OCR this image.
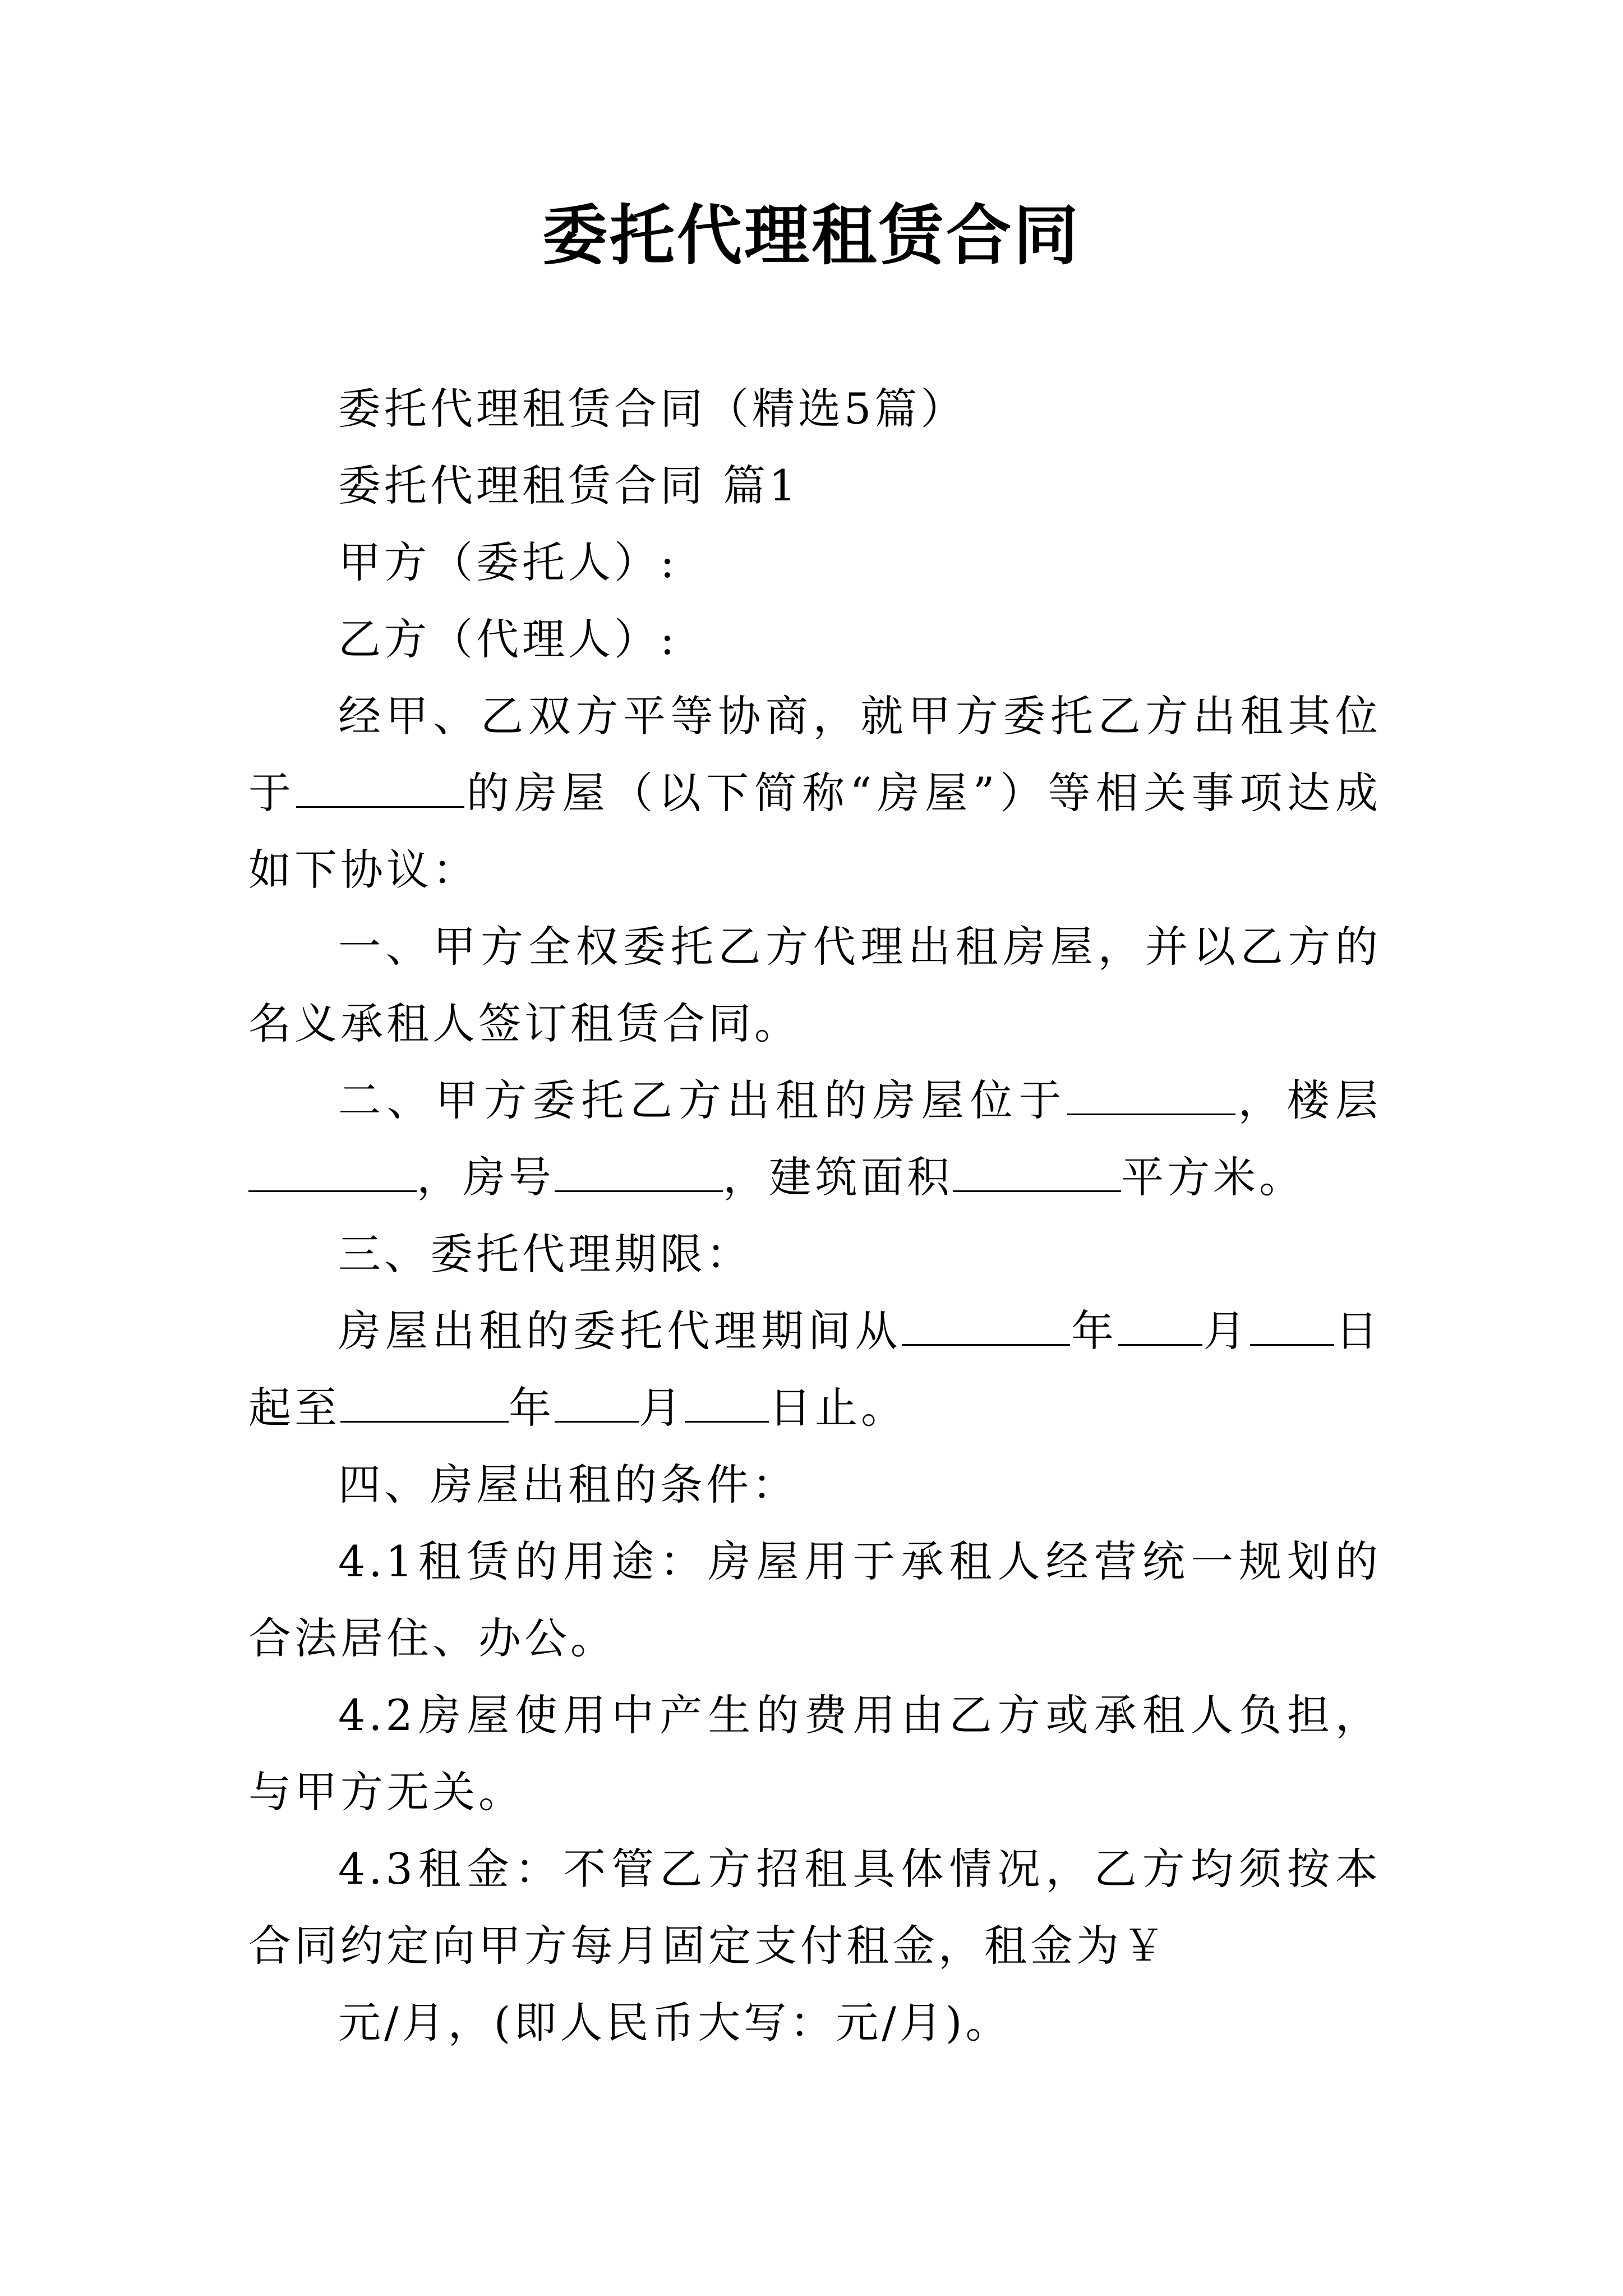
委托代理租赁合同

委托代理租赁合同（精选5篇）

委托代理租赁合同 篇1

甲方（委托人）:

乙方（代理人）:

经甲、乙双方平等协商，就甲方委托乙方出租其位于	的房屋（以下简称“房屋”）等相关事项达成如下协议：

一、甲方全权委托乙方代理出租房屋，并以乙方的名义承租人签订租赁合同。

二、甲方委托乙方出租的房屋位于	，楼层，房号	，建筑面积	平方米。

三、委托代理期限：

房屋出租的委托代理期间从	年 月 日起至	年 月 日止。

四、房屋出租的条件：

4.1租赁的用途：房屋用于承租人经营统一规划的合法居住、办公。

4.2房屋使用中产生的费用由乙方或承租人负担，与甲方无关。

4.3租金：不管乙方招租具体情况，乙方均须按本合同约定向甲方每月固定支付租金，租金为￥

元/月，(即人民币大写：元/月)。
